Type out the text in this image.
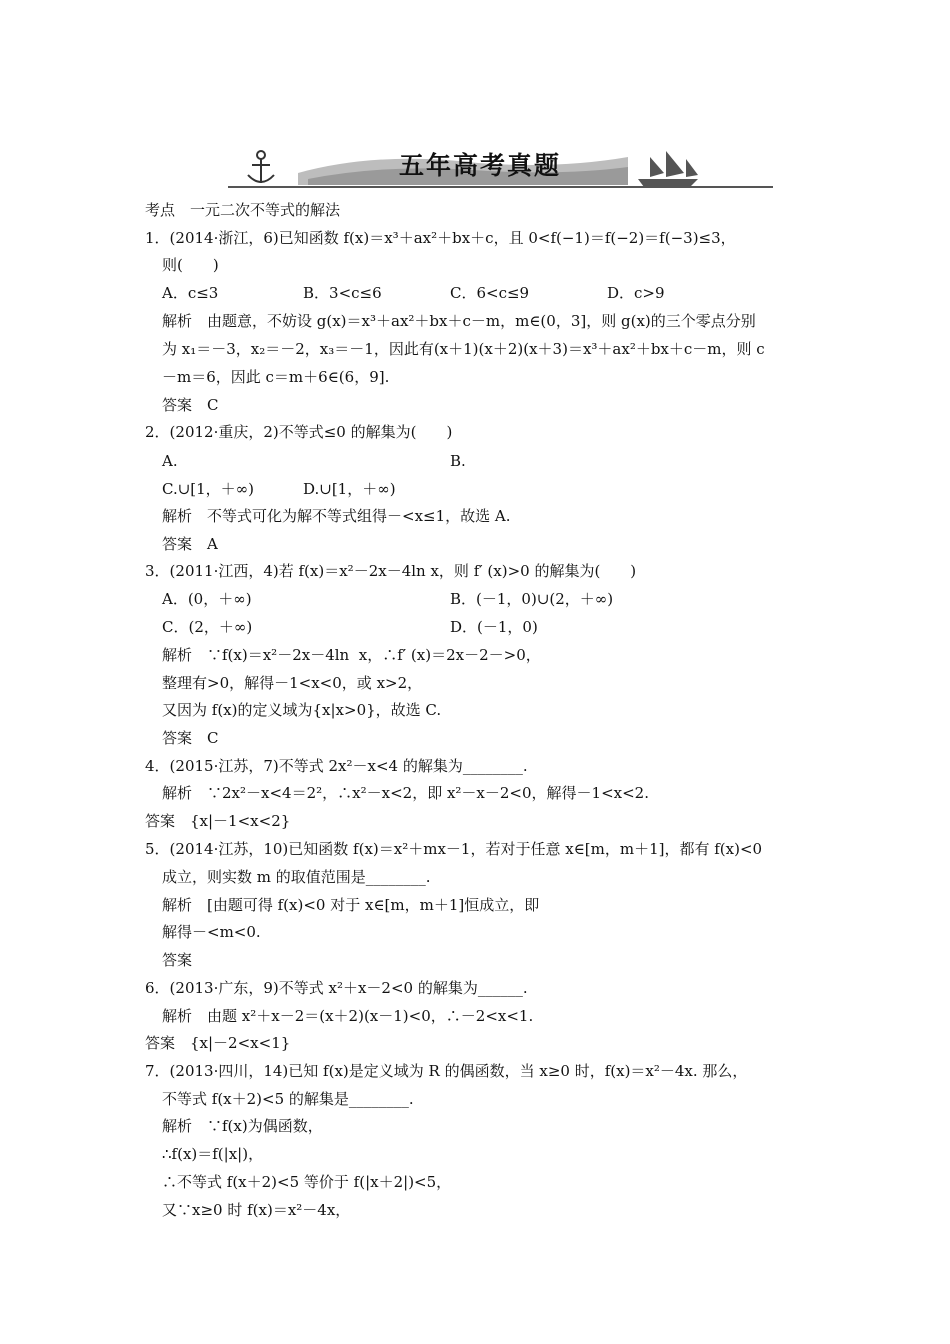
五年高考真题
考点　一元二次不等式的解法
1．(2014·浙江，6)已知函数 f(x)＝x³＋ax²＋bx＋c，且 0<f(−1)＝f(−2)＝f(−3)≤3，
则(　　)
A．c≤3	B．3<c≤6	C．6<c≤9	D．c>9
解析　由题意，不妨设 g(x)＝x³＋ax²＋bx＋c－m，m∈(0，3]，则 g(x)的三个零点分别
为 x₁＝－3，x₂＝－2，x₃＝－1，因此有(x＋1)(x＋2)(x＋3)＝x³＋ax²＋bx＋c－m，则 c
－m＝6，因此 c＝m＋6∈(6，9].
答案　C
2．(2012·重庆，2)不等式≤0 的解集为(　　)
A.	B.
C.∪[1，＋∞)	D.∪[1，＋∞)
解析　不等式可化为解不等式组得－<x≤1，故选 A.
答案　A
3．(2011·江西，4)若 f(x)＝x²－2x－4ln x，则 f′ (x)>0 的解集为(　　)
A．(0，＋∞)	B．(－1，0)∪(2，＋∞)
C．(2，＋∞)	D．(－1，0)
解析　∵f(x)＝x²－2x－4ln  x，∴f′ (x)＝2x－2－>0，
整理有>0，解得－1<x<0，或 x>2，
又因为 f(x)的定义域为{x|x>0}，故选 C.
答案　C
4．(2015·江苏，7)不等式 2x²－x<4 的解集为________.
解析　∵2x²－x<4＝2²，∴x²－x<2，即 x²－x－2<0，解得－1<x<2.
答案　{x|－1<x<2}
5．(2014·江苏，10)已知函数 f(x)＝x²＋mx－1，若对于任意 x∈[m，m＋1]，都有 f(x)<0
成立，则实数 m 的取值范围是________.
解析　[由题可得 f(x)<0 对于 x∈[m，m＋1]恒成立，即
解得－<m<0.
答案
6．(2013·广东，9)不等式 x²＋x－2<0 的解集为______.
解析　由题 x²＋x－2＝(x＋2)(x－1)<0，∴－2<x<1.
答案　{x|－2<x<1}
7．(2013·四川，14)已知 f(x)是定义域为 R 的偶函数，当 x≥0 时，f(x)＝x²－4x. 那么，
不等式 f(x＋2)<5 的解集是________.
解析　∵f(x)为偶函数，
∴f(x)＝f(|x|)，
∴不等式 f(x＋2)<5 等价于 f(|x＋2|)<5，
又∵x≥0 时 f(x)＝x²－4x，
